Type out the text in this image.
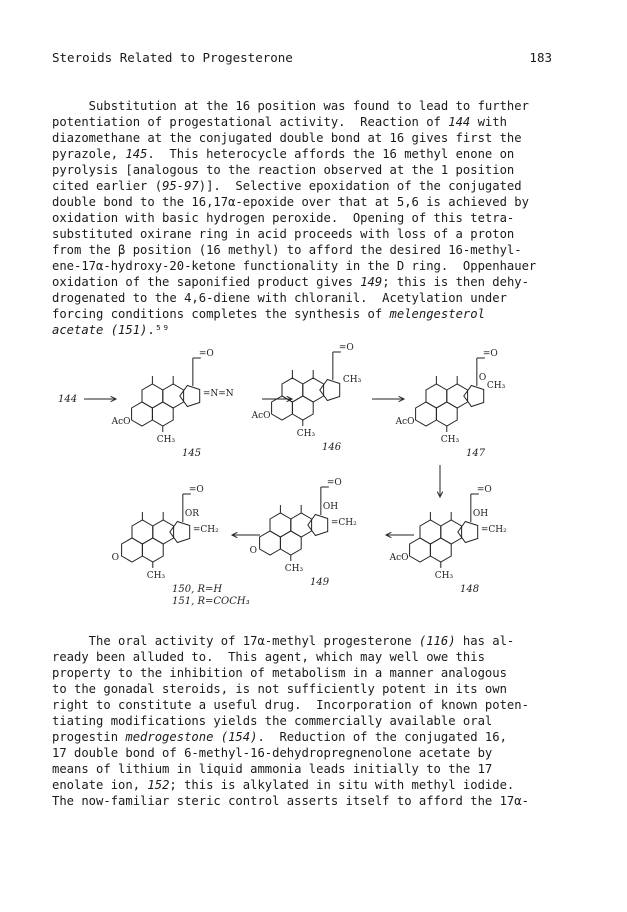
Steroids Related to Progesterone	183
Substitution at the 16 position was found to lead to further
potentiation of progestational activity.  Reaction of 144 with
diazomethane at the conjugated double bond at 16 gives first the
pyrazole, 145.  This heterocycle affords the 16 methyl enone on
pyrolysis [analogous to the reaction observed at the 1 position
cited earlier (95-97)].  Selective epoxidation of the conjugated
double bond to the 16,17α-epoxide over that at 5,6 is achieved by
oxidation with basic hydrogen peroxide.  Opening of this tetra-
substituted oxirane ring in acid proceeds with loss of a proton
from the β position (16 methyl) to afford the desired 16-methyl-
ene-17α-hydroxy-20-ketone functionality in the D ring.  Oppenhauer
oxidation of the saponified product gives 149; this is then dehy-
drogenated to the 4,6-diene with chloranil.  Acetylation under
forcing conditions completes the synthesis of melengesterol
acetate (151).⁵⁹
144
=O
CH₃
AcO
=N=N
145
=O
CH₃
AcO
CH₃
146
=O
CH₃
AcO
CH₃
O
147
=O
CH₃
AcO
=CH₂
OH
148
=O
CH₃
O
=CH₂
OH
149
=O
CH₃
O
=CH₂
OR
150, R=H
151, R=COCH₃
The oral activity of 17α-methyl progesterone (116) has al-
ready been alluded to.  This agent, which may well owe this
property to the inhibition of metabolism in a manner analogous
to the gonadal steroids, is not sufficiently potent in its own
right to constitute a useful drug.  Incorporation of known poten-
tiating modifications yields the commercially available oral
progestin medrogestone (154).  Reduction of the conjugated 16,
17 double bond of 6-methyl-16-dehydropregnenolone acetate by
means of lithium in liquid ammonia leads initially to the 17
enolate ion, 152; this is alkylated in situ with methyl iodide.
The now-familiar steric control asserts itself to afford the 17α-
